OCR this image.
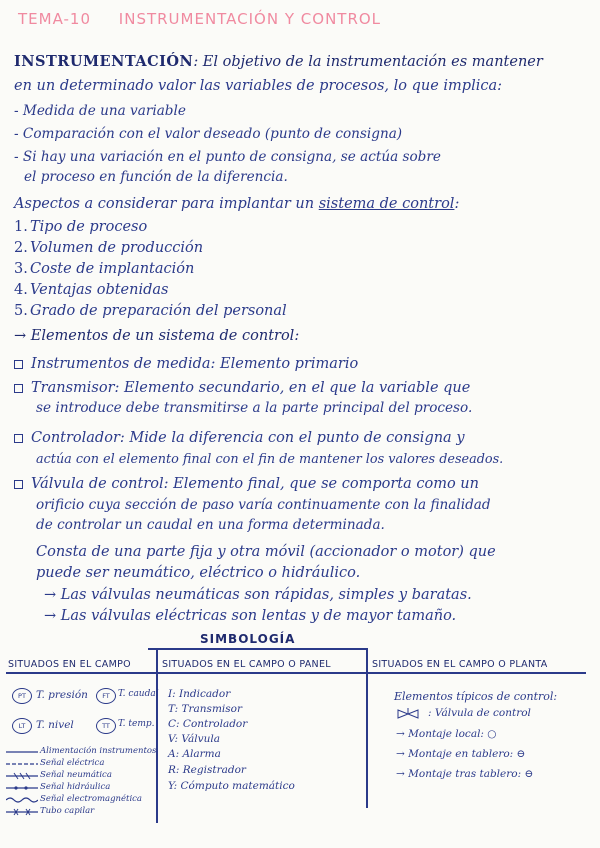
TEMA-10 INSTRUMENTACIÓN Y CONTROL
INSTRUMENTACIÓN: El objetivo de la instrumentación es mantener
en un determinado valor las variables de procesos, lo que implica:
- Medida de una variable
- Comparación con el valor deseado (punto de consigna)
- Si hay una variación en el punto de consigna, se actúa sobre
el proceso en función de la diferencia.
Aspectos a considerar para implantar un sistema de control:
1. Tipo de proceso
2. Volumen de producción
3. Coste de implantación
4. Ventajas obtenidas
5. Grado de preparación del personal
→ Elementos de un sistema de control:
Instrumentos de medida: Elemento primario
Transmisor: Elemento secundario, en el que la variable que
se introduce debe transmitirse a la parte principal del proceso.
Controlador: Mide la diferencia con el punto de consigna y
actúa con el elemento final con el fin de mantener los valores deseados.
Válvula de control: Elemento final, que se comporta como un
orificio cuya sección de paso varía continuamente con la finalidad
de controlar un caudal en una forma determinada.
Consta de una parte fija y otra móvil (accionador o motor) que
puede ser neumático, eléctrico o hidráulico.
→ Las válvulas neumáticas son rápidas, simples y baratas.
→ Las válvulas eléctricas son lentas y de mayor tamaño.
SIMBOLOGÍA
SITUADOS EN EL CAMPO	SITUADOS EN EL CAMPO O PANEL	SITUADOS EN EL CAMPO O PLANTA
PT T. presión	FT T. caudal
LT	T. nivel	TT T. temp.
Alimentación instrumentos
Señal eléctrica
Señal neumática
Señal hidráulica
Señal electromagnética
Tubo capilar
I: Indicador
T: Transmisor
C: Controlador
V: Válvula
A: Alarma
R: Registrador
Y: Cómputo matemático
Elementos típicos de control:
: Válvula de control
→ Montaje local: ○
→ Montaje en tablero: ⊖
→ Montaje tras tablero: ⊖
